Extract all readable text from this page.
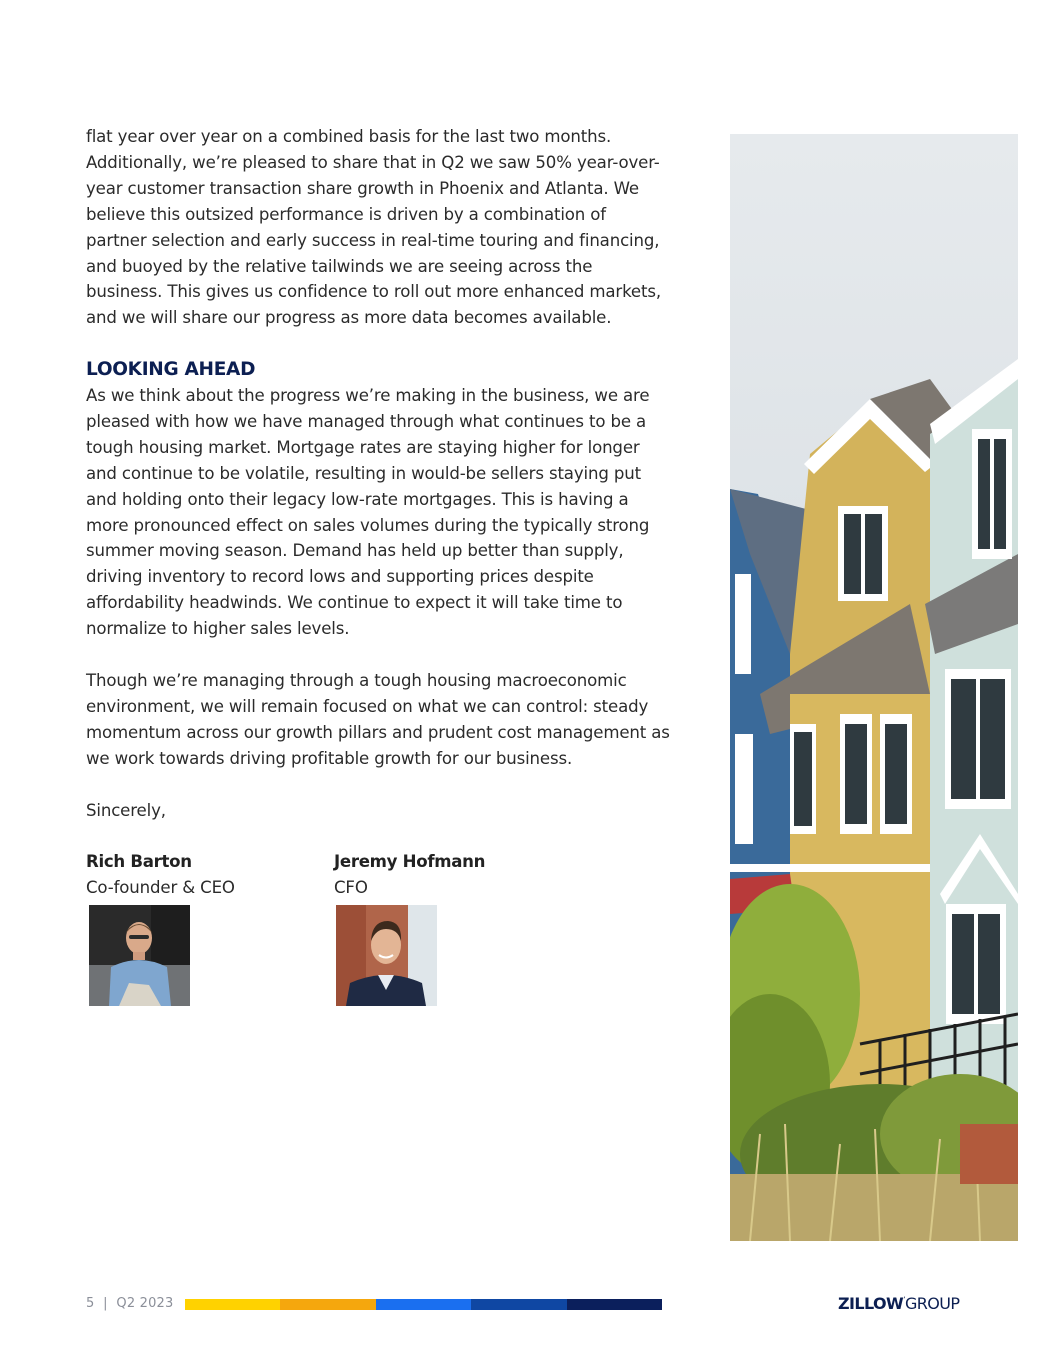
flat year over year on a combined basis for the last two months. Additionally, we’re pleased to share that in Q2 we saw 50% year-over-year customer transaction share growth in Phoenix and Atlanta. We believe this outsized performance is driven by a combination of partner selection and early success in real-time touring and financing, and buoyed by the relative tailwinds we are seeing across the business. This gives us confidence to roll out more enhanced markets, and we will share our progress as more data becomes available.

LOOKING AHEAD

As we think about the progress we’re making in the business, we are pleased with how we have managed through what continues to be a tough housing market. Mortgage rates are staying higher for longer and continue to be volatile, resulting in would-be sellers staying put and holding onto their legacy low-rate mortgages. This is having a more pronounced effect on sales volumes during the typically strong summer moving season. Demand has held up better than supply, driving inventory to record lows and supporting prices despite affordability headwinds. We continue to expect it will take time to normalize to higher sales levels.

Though we’re managing through a tough housing macroeconomic environment, we will remain focused on what we can control: steady momentum across our growth pillars and prudent cost management as we work towards driving profitable growth for our business.

Sincerely,

Rich Barton
Co-founder & CEO
Jeremy Hofmann
CFO
5  |  Q2 2023	$ZILLOW^ʼGROUP$
